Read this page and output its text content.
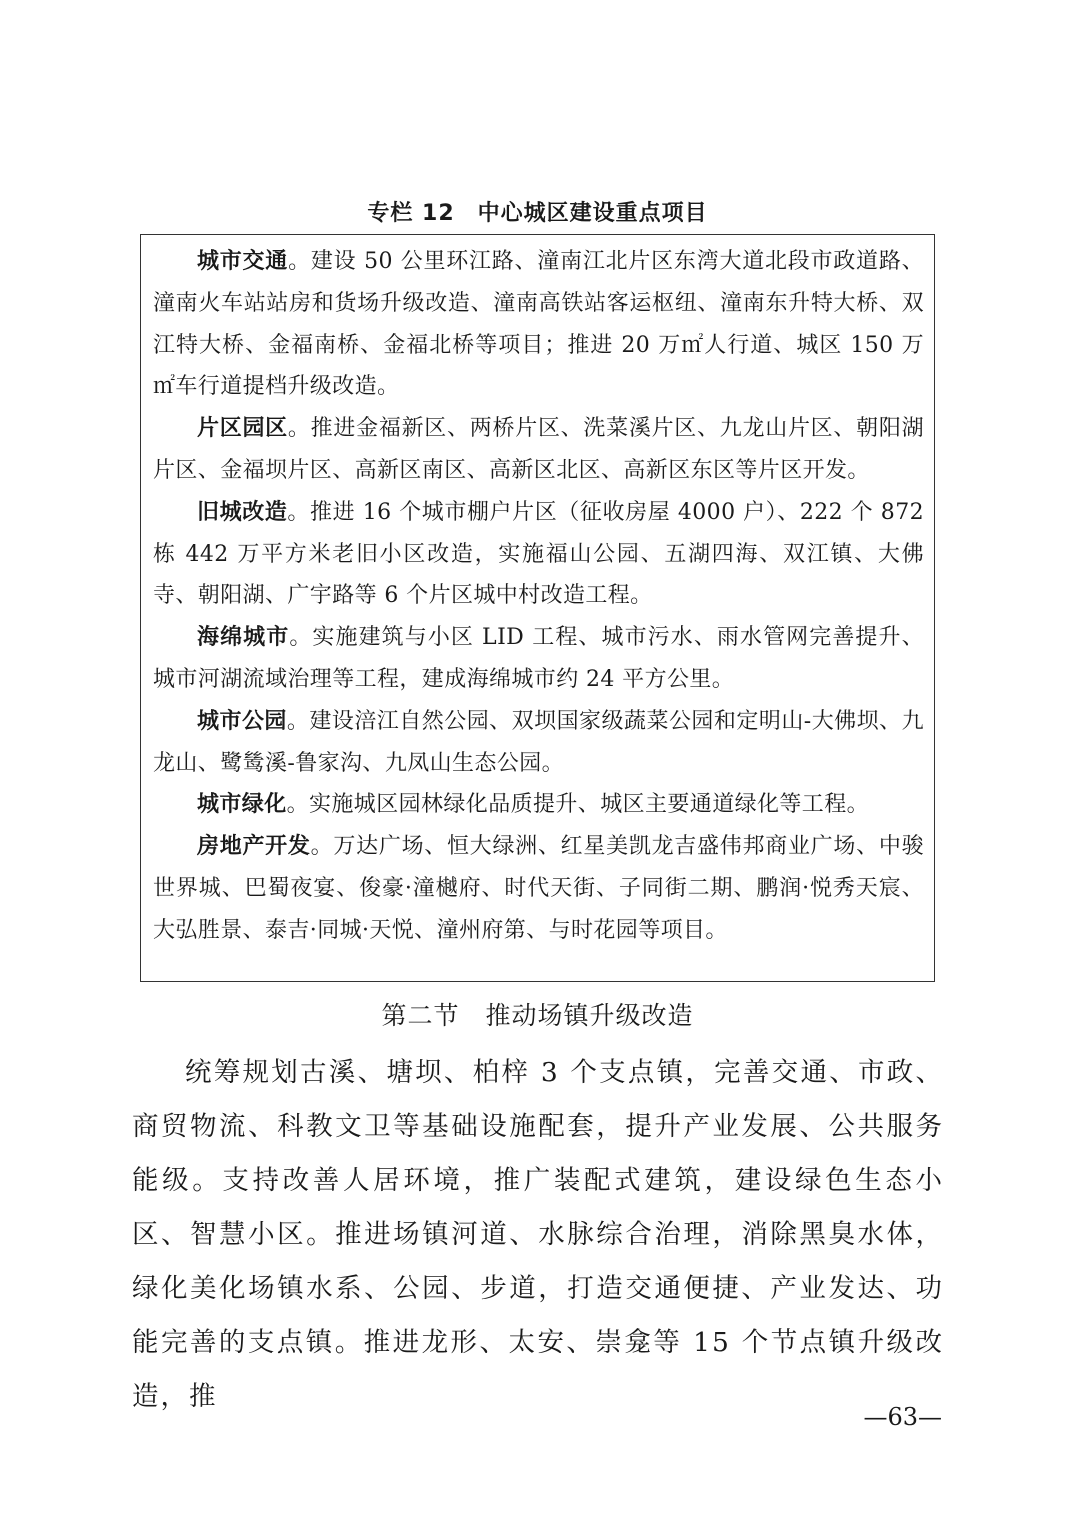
专栏 12　中心城区建设重点项目

城市交通。建设 50 公里环江路、潼南江北片区东湾大道北段市政道路、潼南火车站站房和货场升级改造、潼南高铁站客运枢纽、潼南东升特大桥、双江特大桥、金福南桥、金福北桥等项目；推进 20 万㎡人行道、城区 150 万㎡车行道提档升级改造。

片区园区。推进金福新区、两桥片区、洗菜溪片区、九龙山片区、朝阳湖片区、金福坝片区、高新区南区、高新区北区、高新区东区等片区开发。

旧城改造。推进 16 个城市棚户片区（征收房屋 4000 户）、222 个 872 栋 442 万平方米老旧小区改造，实施福山公园、五湖四海、双江镇、大佛寺、朝阳湖、广宇路等 6 个片区城中村改造工程。

海绵城市。实施建筑与小区 LID 工程、城市污水、雨水管网完善提升、城市河湖流域治理等工程，建成海绵城市约 24 平方公里。

城市公园。建设涪江自然公园、双坝国家级蔬菜公园和定明山-大佛坝、九龙山、鹭鸶溪-鲁家沟、九凤山生态公园。

城市绿化。实施城区园林绿化品质提升、城区主要通道绿化等工程。

房地产开发。万达广场、恒大绿洲、红星美凯龙吉盛伟邦商业广场、中骏世界城、巴蜀夜宴、俊豪·潼樾府、时代天街、子同街二期、鹏润·悦秀天宸、大弘胜景、泰吉·同城·天悦、潼州府第、与时花园等项目。

第二节　推动场镇升级改造

统筹规划古溪、塘坝、柏梓 3 个支点镇，完善交通、市政、商贸物流、科教文卫等基础设施配套，提升产业发展、公共服务能级。支持改善人居环境，推广装配式建筑，建设绿色生态小区、智慧小区。推进场镇河道、水脉综合治理，消除黑臭水体，绿化美化场镇水系、公园、步道，打造交通便捷、产业发达、功能完善的支点镇。推进龙形、太安、崇龛等 15 个节点镇升级改造，推

—63—
